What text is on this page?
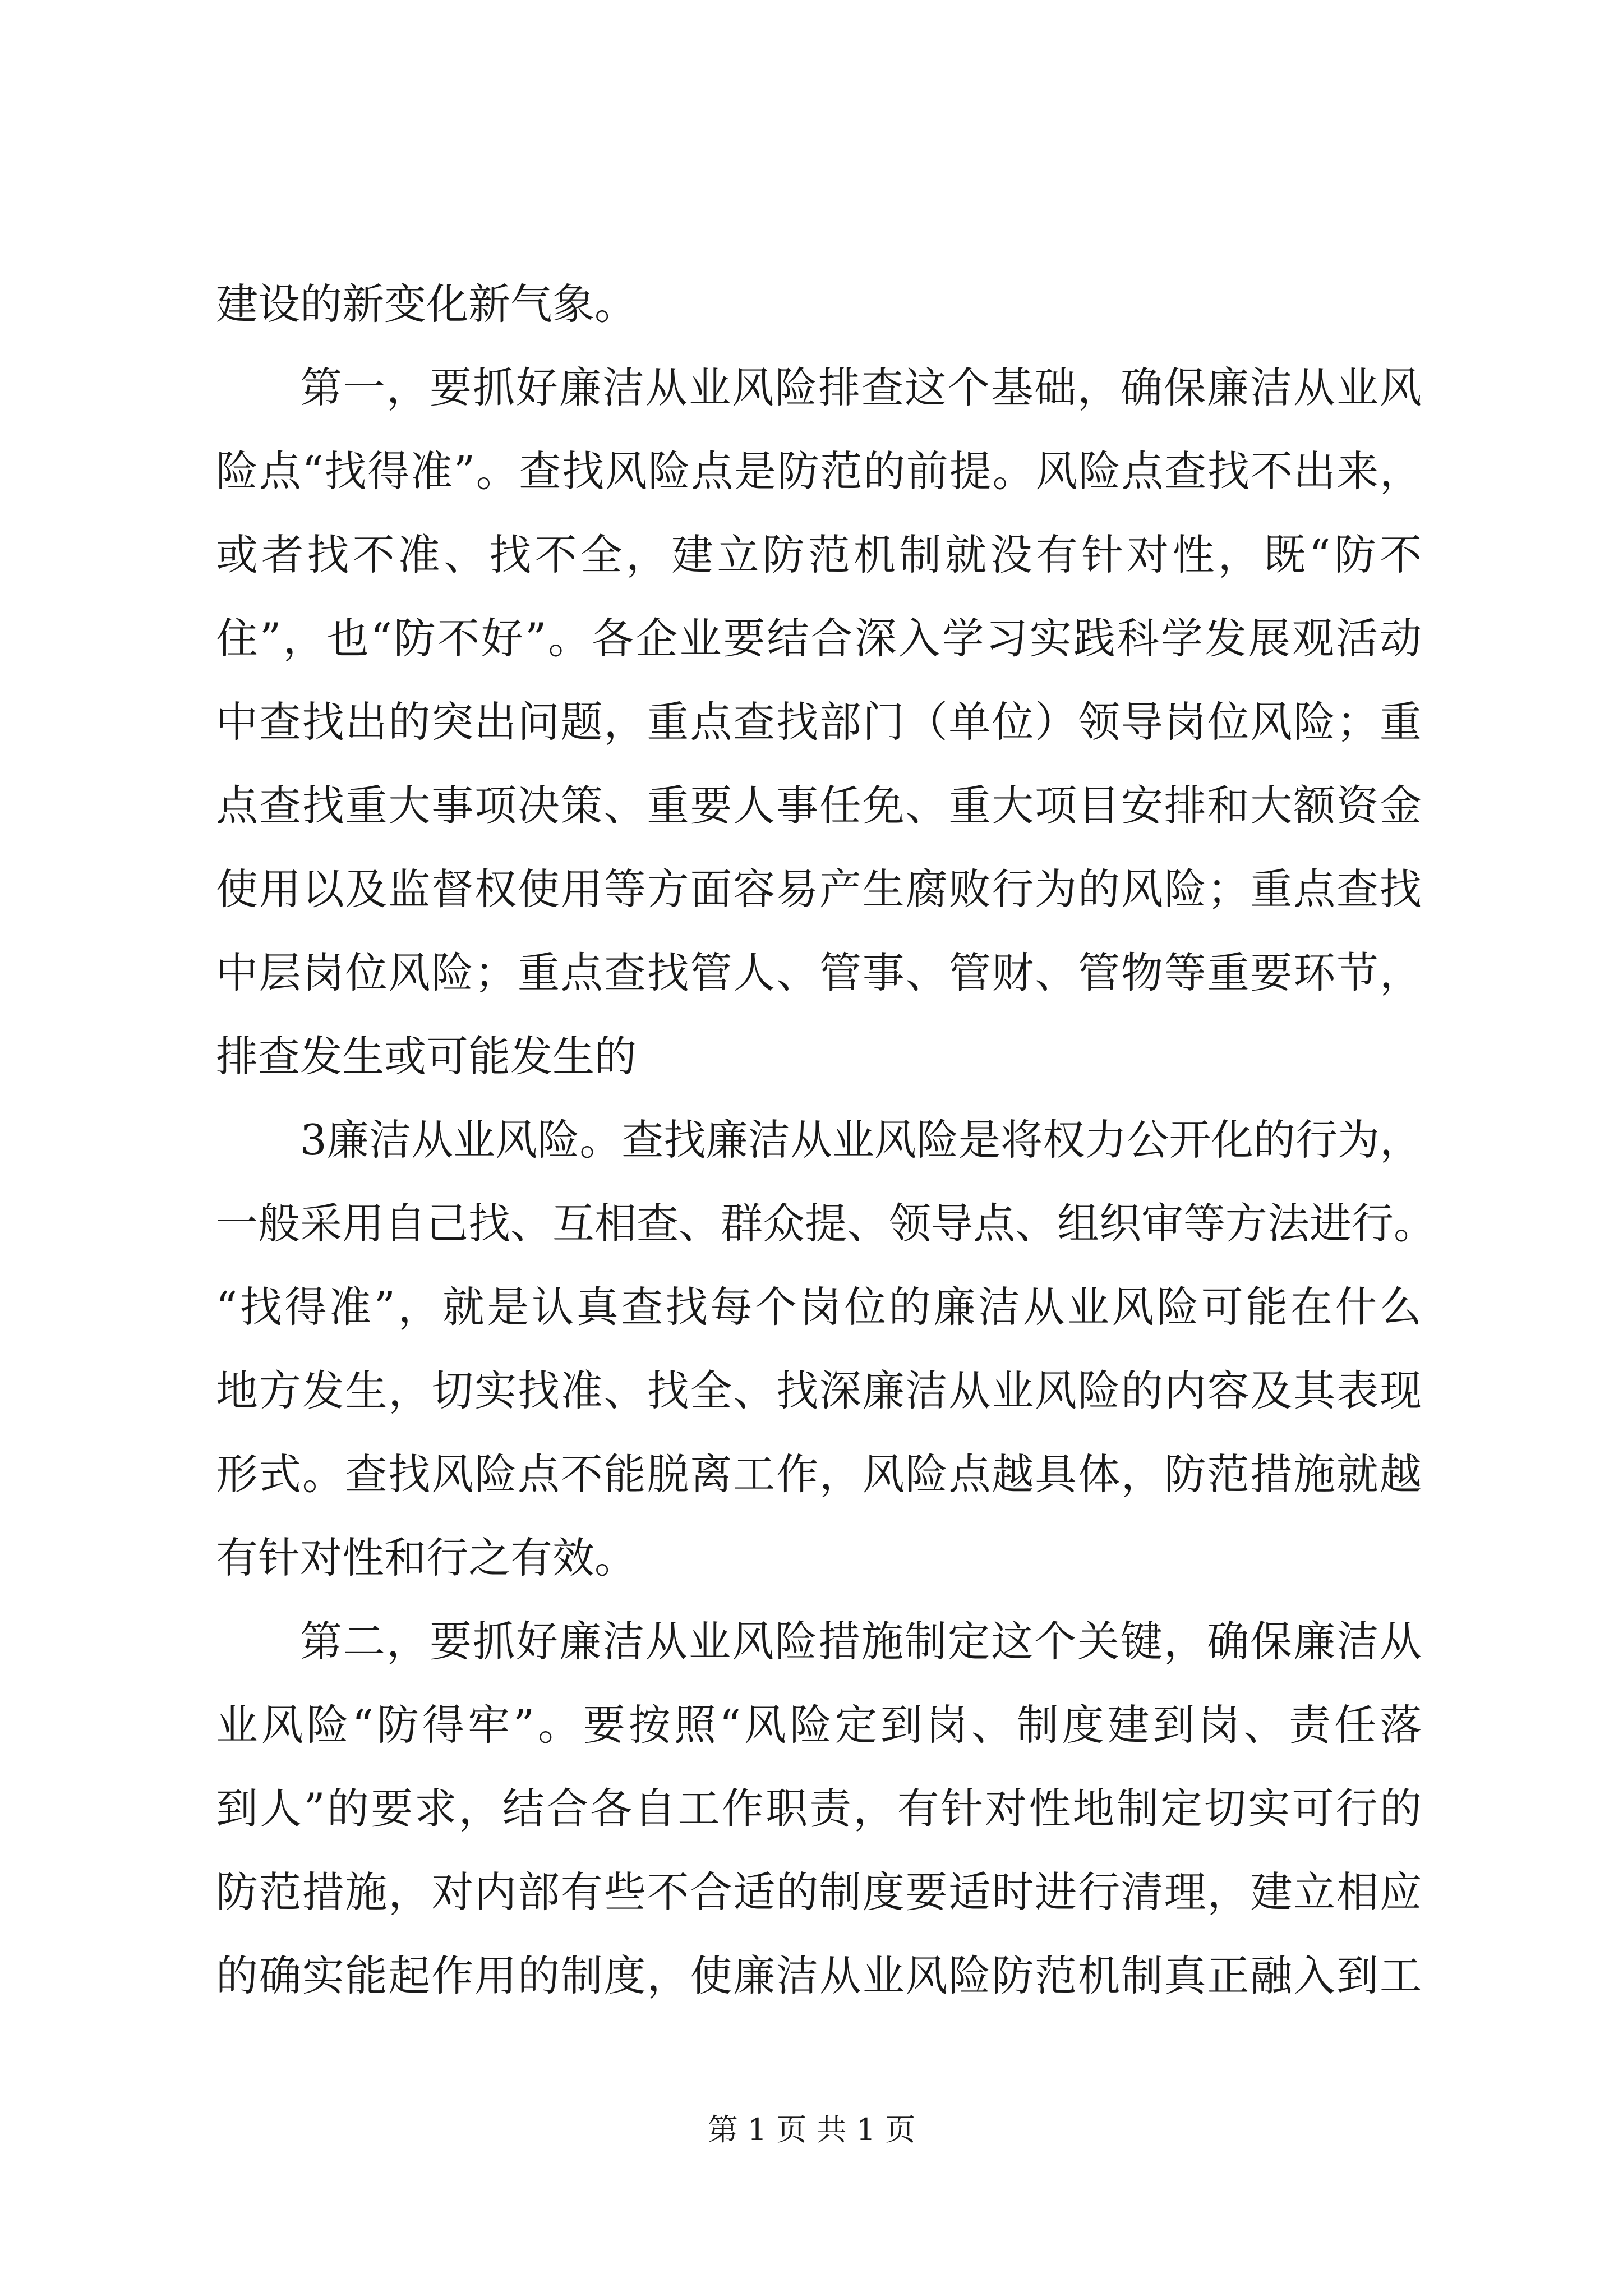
建设的新变化新气象。
第一，要抓好廉洁从业风险排查这个基础，确保廉洁从业风
险点“找得准”。查找风险点是防范的前提。风险点查找不出来，
或者找不准、找不全，建立防范机制就没有针对性，既“防不
住”，也“防不好”。各企业要结合深入学习实践科学发展观活动
中查找出的突出问题，重点查找部门（单位）领导岗位风险；重
点查找重大事项决策、重要人事任免、重大项目安排和大额资金
使用以及监督权使用等方面容易产生腐败行为的风险；重点查找
中层岗位风险；重点查找管人、管事、管财、管物等重要环节，
排查发生或可能发生的
3廉洁从业风险。查找廉洁从业风险是将权力公开化的行为，
一般采用自己找、互相查、群众提、领导点、组织审等方法进行。
“找得准”，就是认真查找每个岗位的廉洁从业风险可能在什么
地方发生，切实找准、找全、找深廉洁从业风险的内容及其表现
形式。查找风险点不能脱离工作，风险点越具体，防范措施就越
有针对性和行之有效。
第二，要抓好廉洁从业风险措施制定这个关键，确保廉洁从
业风险“防得牢”。要按照“风险定到岗、制度建到岗、责任落
到人”的要求，结合各自工作职责，有针对性地制定切实可行的
防范措施，对内部有些不合适的制度要适时进行清理，建立相应
的确实能起作用的制度，使廉洁从业风险防范机制真正融入到工
第 1 页 共 1 页
